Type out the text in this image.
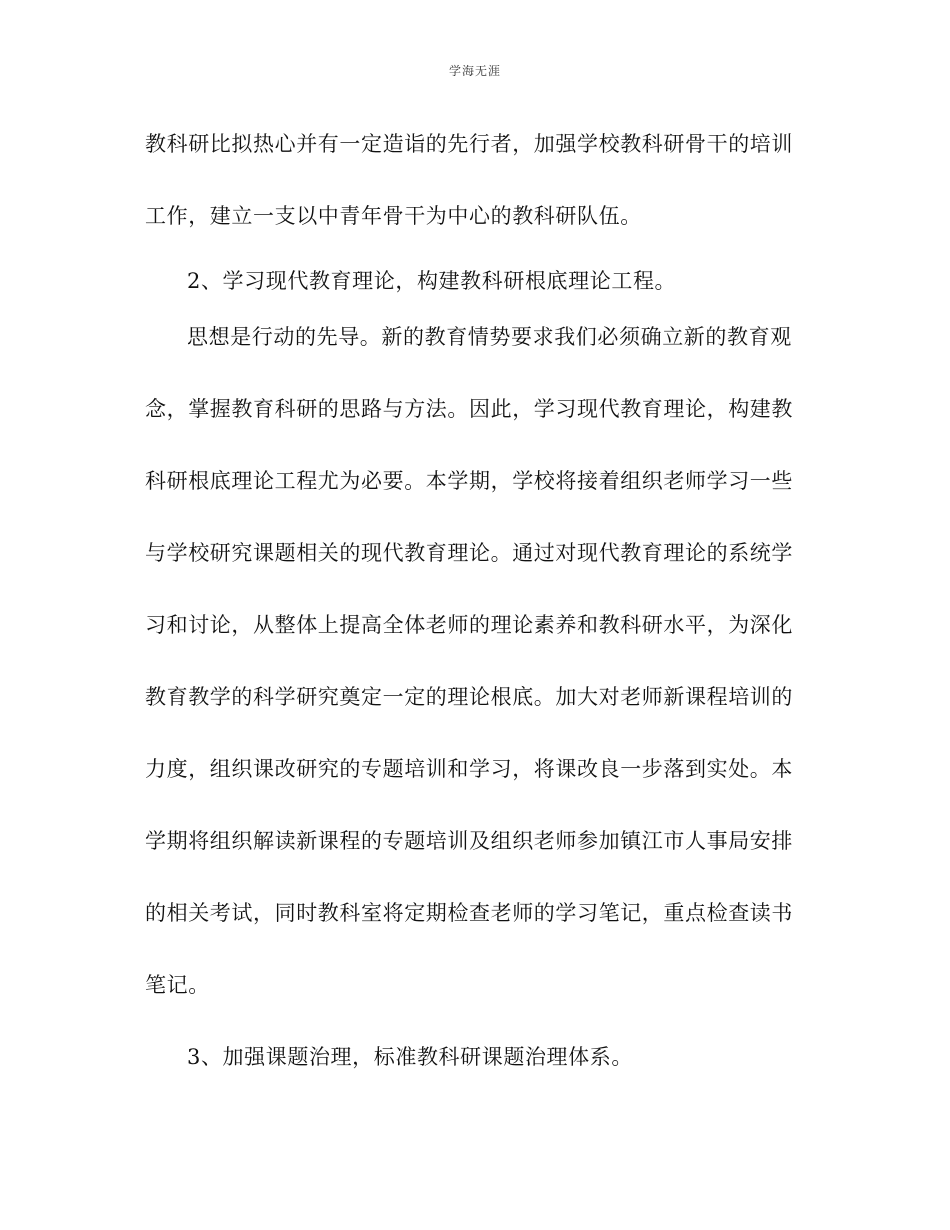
学海无涯
教科研比拟热心并有一定造诣的先行者，加强学校教科研骨干的培训
工作，建立一支以中青年骨干为中心的教科研队伍。
2、学习现代教育理论，构建教科研根底理论工程。
思想是行动的先导。新的教育情势要求我们必须确立新的教育观
念，掌握教育科研的思路与方法。因此，学习现代教育理论，构建教
科研根底理论工程尤为必要。本学期，学校将接着组织老师学习一些
与学校研究课题相关的现代教育理论。通过对现代教育理论的系统学
习和讨论，从整体上提高全体老师的理论素养和教科研水平，为深化
教育教学的科学研究奠定一定的理论根底。加大对老师新课程培训的
力度，组织课改研究的专题培训和学习，将课改良一步落到实处。本
学期将组织解读新课程的专题培训及组织老师参加镇江市人事局安排
的相关考试，同时教科室将定期检查老师的学习笔记，重点检查读书
笔记。
3、加强课题治理，标准教科研课题治理体系。
